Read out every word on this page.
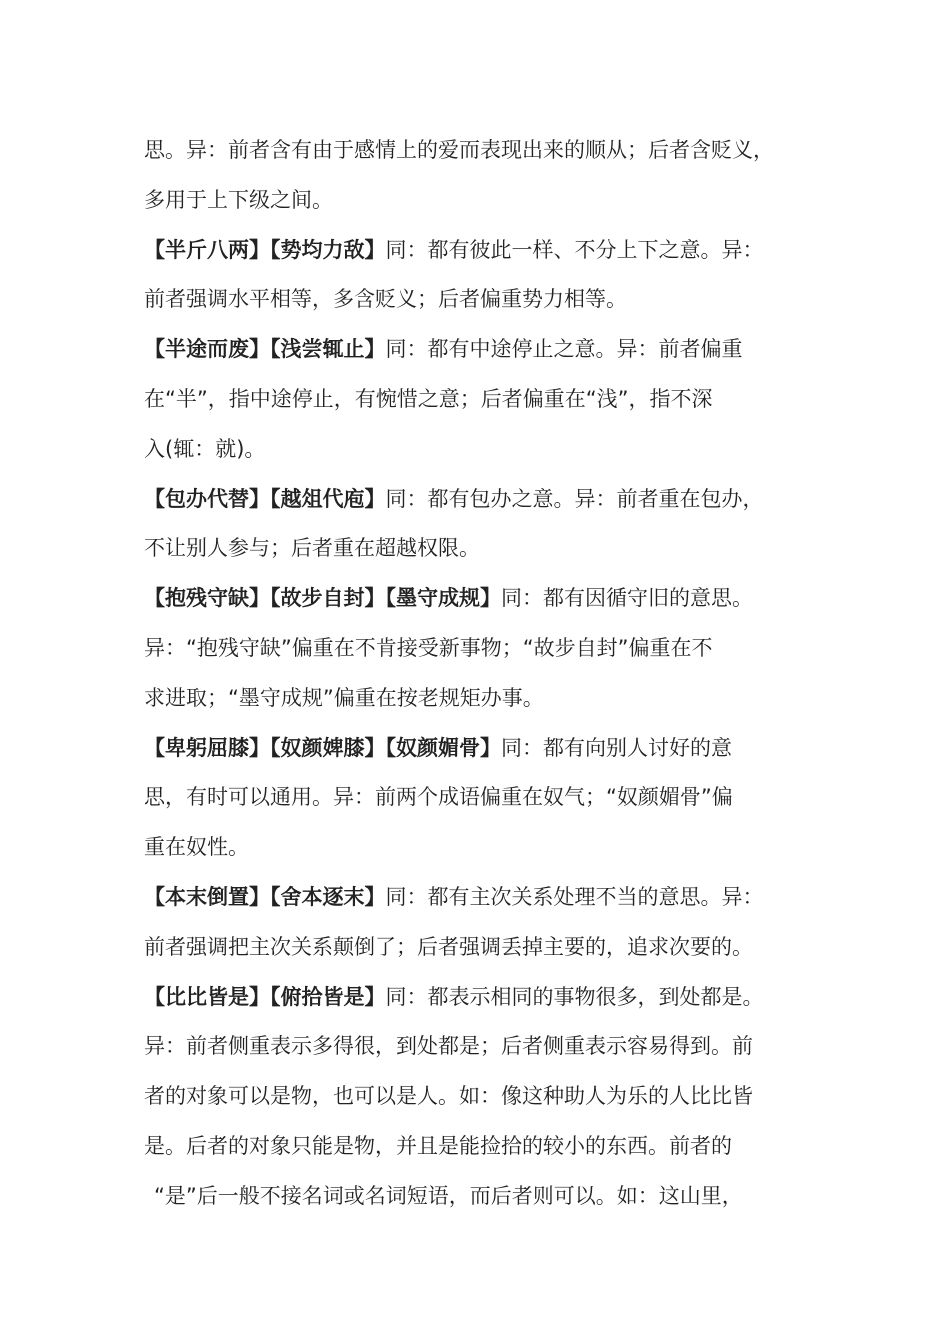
思。异：前者含有由于感情上的爱而表现出来的顺从；后者含贬义，
多用于上下级之间。
【半斤八两】【势均力敌】同：都有彼此一样、不分上下之意。异：
前者强调水平相等，多含贬义；后者偏重势力相等。
【半途而废】【浅尝辄止】同：都有中途停止之意。异：前者偏重
在“半”，指中途停止，有惋惜之意；后者偏重在“浅”，指不深
入(辄：就)。
【包办代替】【越俎代庖】同：都有包办之意。异：前者重在包办，
不让别人参与；后者重在超越权限。
【抱残守缺】【故步自封】【墨守成规】同：都有因循守旧的意思。
异：“抱残守缺”偏重在不肯接受新事物；“故步自封”偏重在不
求进取；“墨守成规”偏重在按老规矩办事。
【卑躬屈膝】【奴颜婢膝】【奴颜媚骨】同：都有向别人讨好的意
思，有时可以通用。异：前两个成语偏重在奴气；“奴颜媚骨”偏
重在奴性。
【本末倒置】【舍本逐末】同：都有主次关系处理不当的意思。异：
前者强调把主次关系颠倒了；后者强调丢掉主要的，追求次要的。
【比比皆是】【俯拾皆是】同：都表示相同的事物很多，到处都是。
异：前者侧重表示多得很，到处都是；后者侧重表示容易得到。前
者的对象可以是物，也可以是人。如：像这种助人为乐的人比比皆
是。后者的对象只能是物，并且是能捡拾的较小的东西。前者的
“是”后一般不接名词或名词短语，而后者则可以。如：这山里，
